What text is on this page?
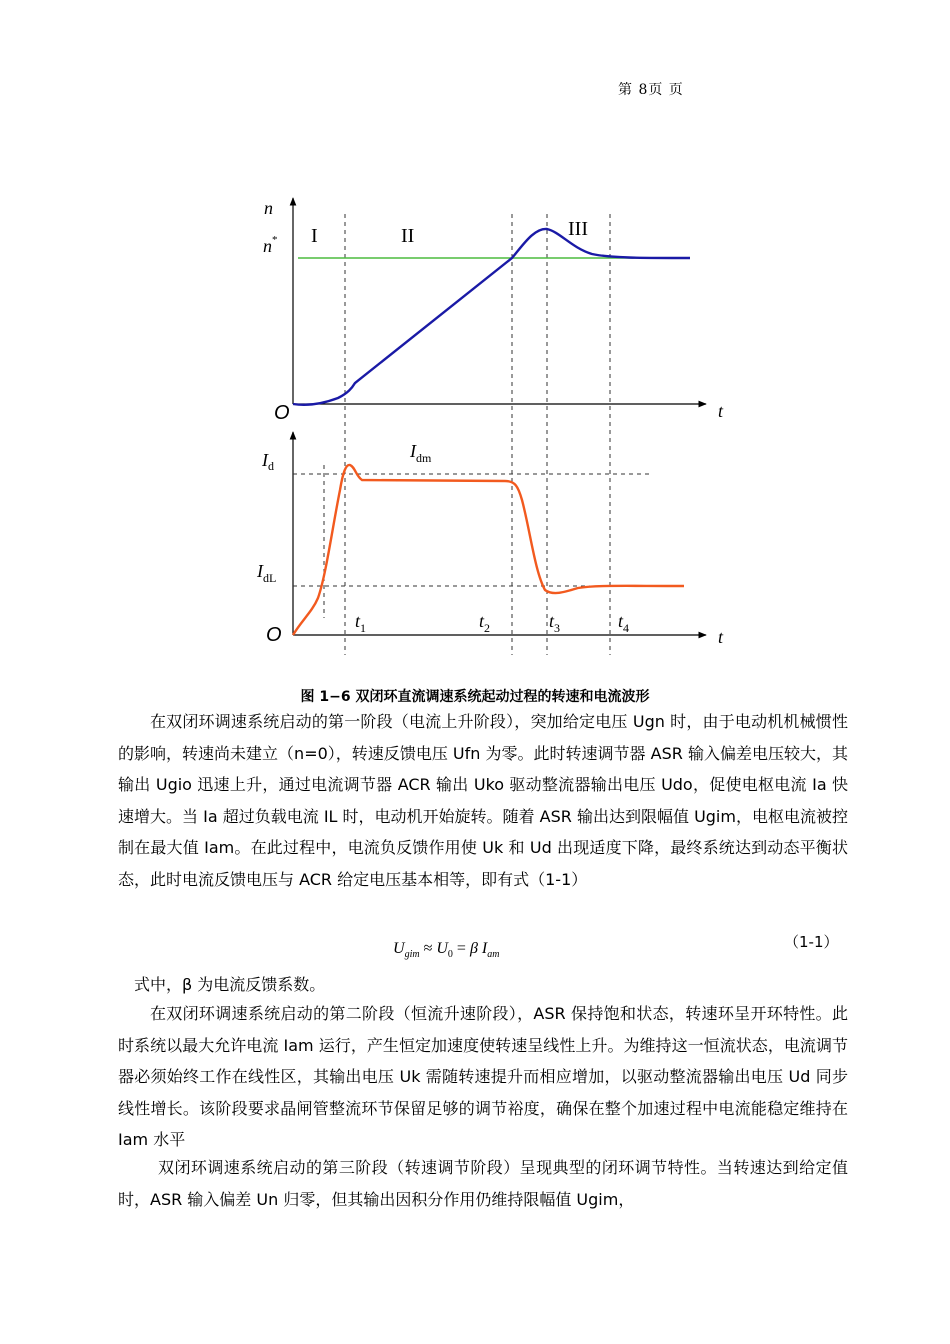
第 8页 页
n
n*
O	t
I	II	III
$I_d$
$I_{dm}$
$I_{dL}$
O	t
$t_1$	$t_2$	$t_3$	$t_4$
图 1−6 双闭环直流调速系统起动过程的转速和电流波形
在双闭环调速系统启动的第一阶段（电流上升阶段），突加给定电压 Ugn 时，由于电动机机械惯性的影响，转速尚未建立（n=0），转速反馈电压 Ufn 为零。此时转速调节器 ASR 输入偏差电压较大，其输出 Ugio 迅速上升，通过电流调节器 ACR 输出 Uko 驱动整流器输出电压 Udo，促使电枢电流 Ia 快速增大。当 Ia 超过负载电流 IL 时，电动机开始旋转。随着 ASR 输出达到限幅值 Ugim，电枢电流被控制在最大值 Iam。在此过程中，电流负反馈作用使 Uk 和 Ud 出现适度下降，最终系统达到动态平衡状态，此时电流反馈电压与 ACR 给定电压基本相等，即有式（1-1）
$U_{gim} \approx U_0 = \beta$ $I_{am}$
（1-1）
式中，β 为电流反馈系数。
在双闭环调速系统启动的第二阶段（恒流升速阶段），ASR 保持饱和状态，转速环呈开环特性。此时系统以最大允许电流 Iam 运行，产生恒定加速度使转速呈线性上升。为维持这一恒流状态，电流调节器必须始终工作在线性区，其输出电压 Uk 需随转速提升而相应增加，以驱动整流器输出电压 Ud 同步线性增长。该阶段要求晶闸管整流环节保留足够的调节裕度，确保在整个加速过程中电流能稳定维持在 Iam 水平
双闭环调速系统启动的第三阶段（转速调节阶段）呈现典型的闭环调节特性。当转速达到给定值时，ASR 输入偏差 Un 归零，但其输出因积分作用仍维持限幅值 Ugim，
